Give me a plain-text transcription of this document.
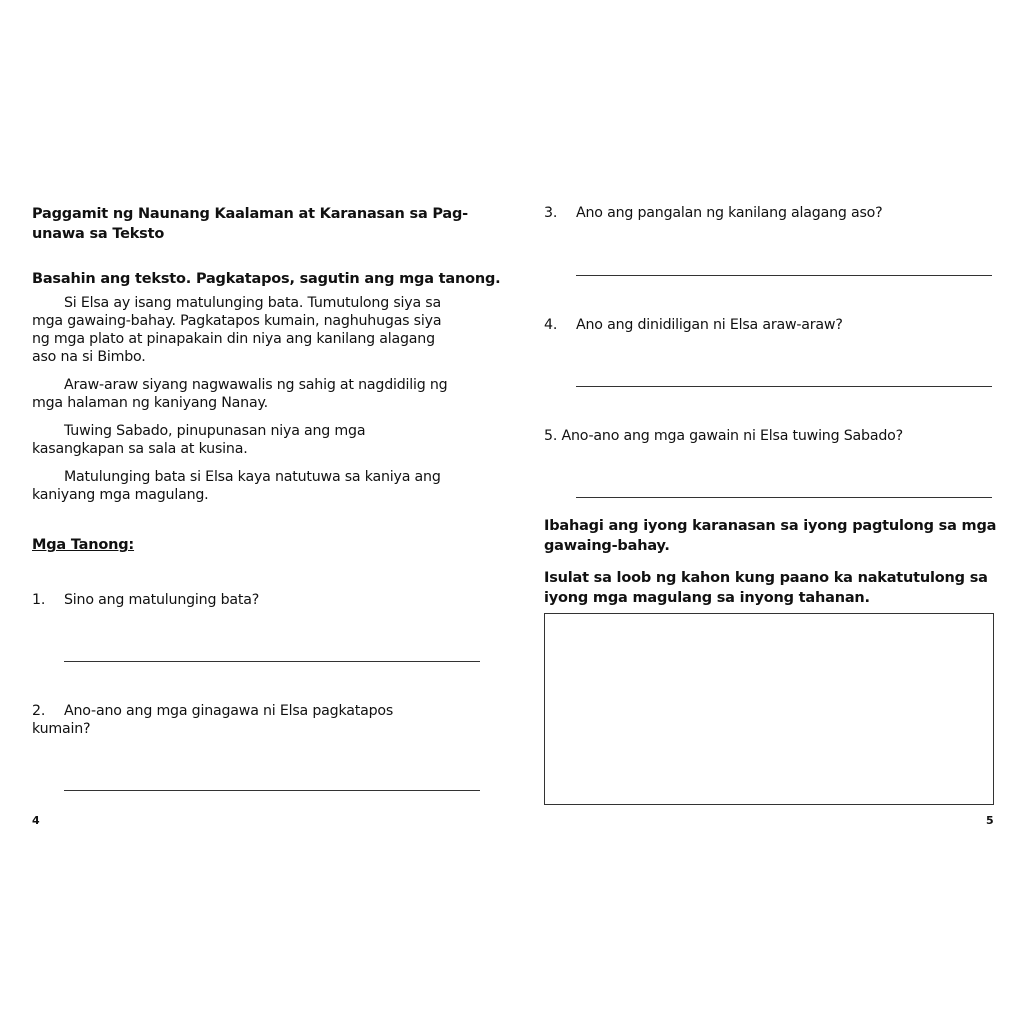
Paggamit ng Naunang Kaalaman at Karanasan sa Pag-
unawa sa Teksto
Basahin ang teksto. Pagkatapos, sagutin ang mga tanong.
Si Elsa ay isang matulunging bata. Tumutulong siya sa
mga gawaing-bahay. Pagkatapos kumain, naghuhugas siya
ng mga plato at pinapakain din niya ang kanilang alagang
aso na si Bimbo.
Araw-araw siyang nagwawalis ng sahig at nagdidilig ng
mga halaman ng kaniyang Nanay.
Tuwing Sabado, pinupunasan niya ang mga
kasangkapan sa sala at kusina.
Matulunging bata si Elsa kaya natutuwa sa kaniya ang
kaniyang mga magulang.
Mga Tanong:
1. Sino ang matulunging bata?
2. Ano-ano ang mga ginagawa ni Elsa pagkatapos
kumain?
4
3. Ano ang pangalan ng kanilang alagang aso?
4. Ano ang dinidiligan ni Elsa araw-araw?
5. Ano-ano ang mga gawain ni Elsa tuwing Sabado?
Ibahagi ang iyong karanasan sa iyong pagtulong sa mga
gawaing-bahay.
Isulat sa loob ng kahon kung paano ka nakatutulong sa
iyong mga magulang sa inyong tahanan.
5
